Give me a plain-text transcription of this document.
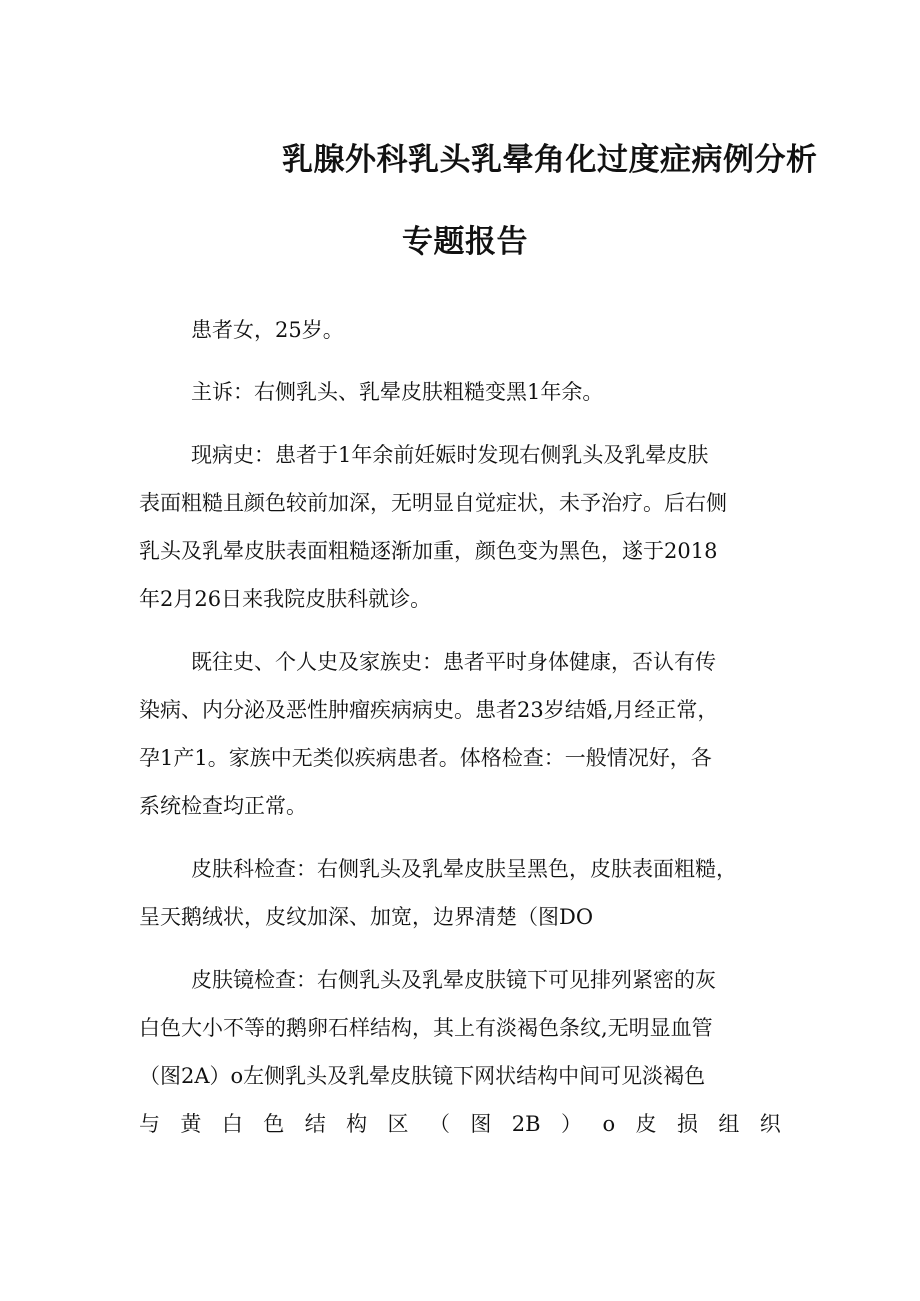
乳腺外科乳头乳晕角化过度症病例分析
专题报告
患者女，25岁。
主诉：右侧乳头、乳晕皮肤粗糙变黑1年余。
现病史：患者于1年余前妊娠时发现右侧乳头及乳晕皮肤
表面粗糙且颜色较前加深，无明显自觉症状，未予治疗。后右侧
乳头及乳晕皮肤表面粗糙逐渐加重，颜色变为黑色，遂于2018
年2月26日来我院皮肤科就诊。
既往史、个人史及家族史：患者平时身体健康，否认有传
染病、内分泌及恶性肿瘤疾病病史。患者23岁结婚,月经正常，
孕1产1。家族中无类似疾病患者。体格检查：一般情况好，各
系统检查均正常。
皮肤科检查：右侧乳头及乳晕皮肤呈黑色，皮肤表面粗糙，
呈天鹅绒状，皮纹加深、加宽，边界清楚（图DO
皮肤镜检查：右侧乳头及乳晕皮肤镜下可见排列紧密的灰
白色大小不等的鹅卵石样结构，其上有淡褐色条纹,无明显血管
（图2A）o左侧乳头及乳晕皮肤镜下网状结构中间可见淡褐色
与 黄 白 色 结 构 区 （ 图 2B ） o 皮 损 组 织
